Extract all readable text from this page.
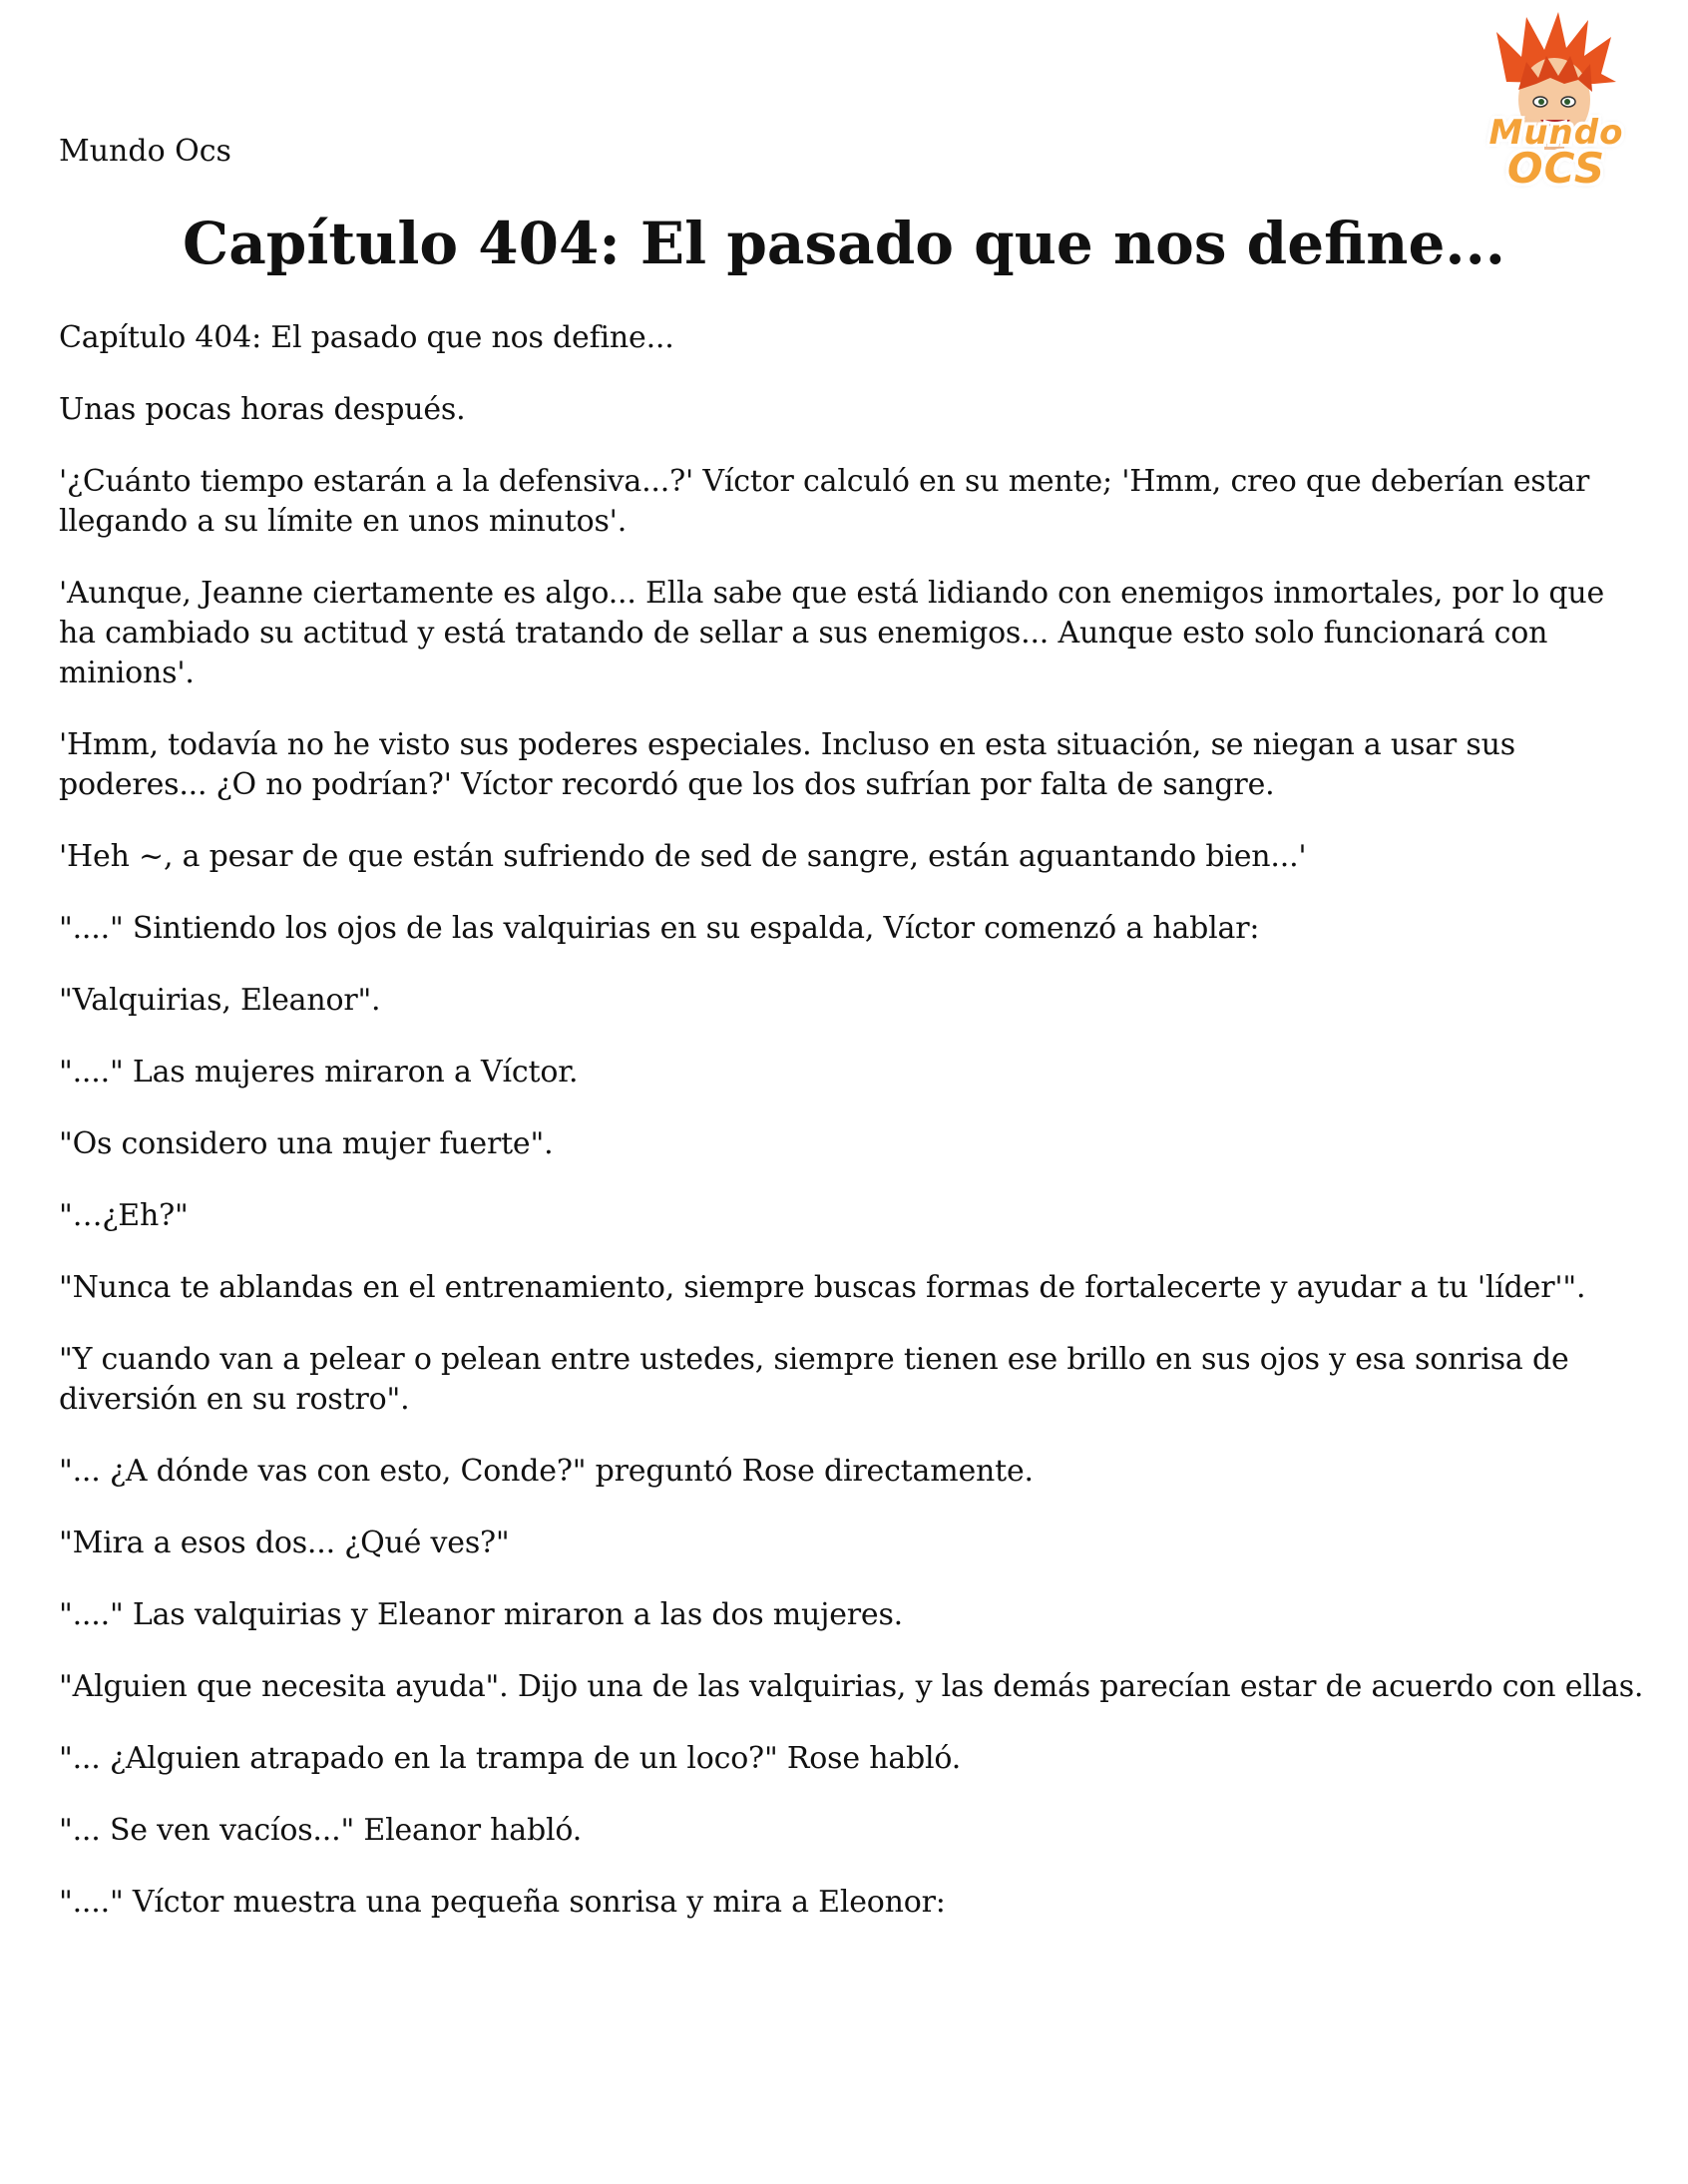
Mundo Ocs	Mundo
OCS
Capítulo 404: El pasado que nos define...

Capítulo 404: El pasado que nos define...

Unas pocas horas después.

'¿Cuánto tiempo estarán a la defensiva...?' Víctor calculó en su mente; 'Hmm, creo que deberían estar llegando a su límite en unos minutos'.

'Aunque, Jeanne ciertamente es algo... Ella sabe que está lidiando con enemigos inmortales, por lo que ha cambiado su actitud y está tratando de sellar a sus enemigos... Aunque esto solo funcionará con minions'.

'Hmm, todavía no he visto sus poderes especiales. Incluso en esta situación, se niegan a usar sus poderes... ¿O no podrían?' Víctor recordó que los dos sufrían por falta de sangre.

'Heh ~, a pesar de que están sufriendo de sed de sangre, están aguantando bien...'

"...." Sintiendo los ojos de las valquirias en su espalda, Víctor comenzó a hablar:

"Valquirias, Eleanor".

"...." Las mujeres miraron a Víctor.

"Os considero una mujer fuerte".

"…¿Eh?"

"Nunca te ablandas en el entrenamiento, siempre buscas formas de fortalecerte y ayudar a tu 'líder'".

"Y cuando van a pelear o pelean entre ustedes, siempre tienen ese brillo en sus ojos y esa sonrisa de diversión en su rostro".

"... ¿A dónde vas con esto, Conde?" preguntó Rose directamente.

"Mira a esos dos... ¿Qué ves?"

"...." Las valquirias y Eleanor miraron a las dos mujeres.

"Alguien que necesita ayuda". Dijo una de las valquirias, y las demás parecían estar de acuerdo con ellas.

"... ¿Alguien atrapado en la trampa de un loco?" Rose habló.

"... Se ven vacíos..." Eleanor habló.

"...." Víctor muestra una pequeña sonrisa y mira a Eleonor:
